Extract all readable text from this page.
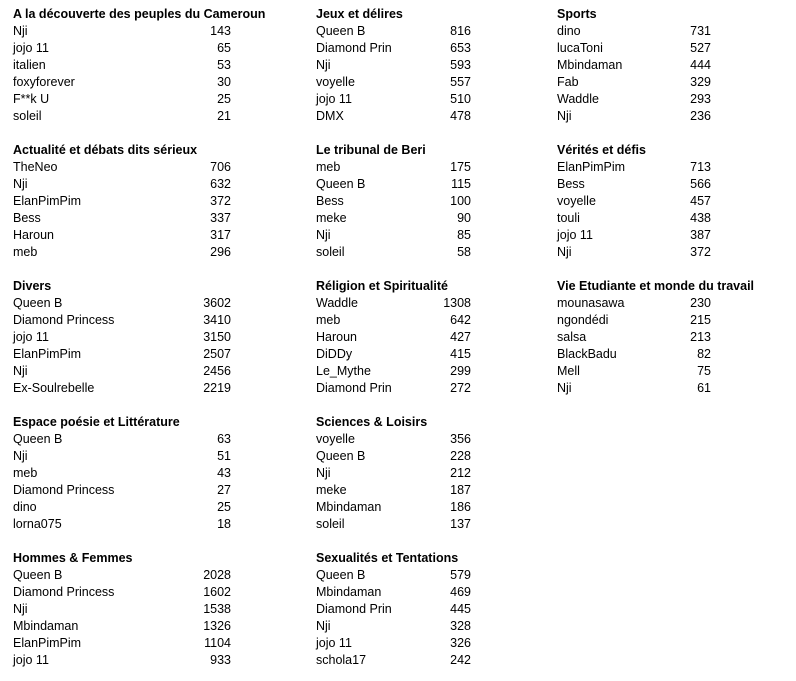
A la découverte des peuples du Cameroun
Nji	143
jojo 11	65
italien	53
foxyforever	30
F**k U	25
soleil	21
Jeux et délires
Queen B	816
Diamond Prin	653
Nji	593
voyelle	557
jojo 11	510
DMX	478
Sports
dino	731
lucaToni	527
Mbindaman	444
Fab	329
Waddle	293
Nji	236
Actualité et débats dits sérieux
TheNeo	706
Nji	632
ElanPimPim	372
Bess	337
Haroun	317
meb	296
Le tribunal de Beri
meb	175
Queen B	115
Bess	100
meke	90
Nji	85
soleil	58
Vérités et défis
ElanPimPim	713
Bess	566
voyelle	457
touli	438
jojo 11	387
Nji	372
Divers
Queen B	3602
Diamond Princess	3410
jojo 11	3150
ElanPimPim	2507
Nji	2456
Ex-Soulrebelle	2219
Réligion et Spiritualité
Waddle	1308
meb	642
Haroun	427
DiDDy	415
Le_Mythe	299
Diamond Prin	272
Vie Etudiante et monde du travail
mounasawa	230
ngondédi	215
salsa	213
BlackBadu	82
Mell	75
Nji	61
Espace poésie et Littérature
Queen B	63
Nji	51
meb	43
Diamond Princess	27
dino	25
lorna075	18
Sciences & Loisirs
voyelle	356
Queen B	228
Nji	212
meke	187
Mbindaman	186
soleil	137
Hommes & Femmes
Queen B	2028
Diamond Princess	1602
Nji	1538
Mbindaman	1326
ElanPimPim	1104
jojo 11	933
Sexualités et Tentations
Queen B	579
Mbindaman	469
Diamond Prin	445
Nji	328
jojo 11	326
schola17	242
